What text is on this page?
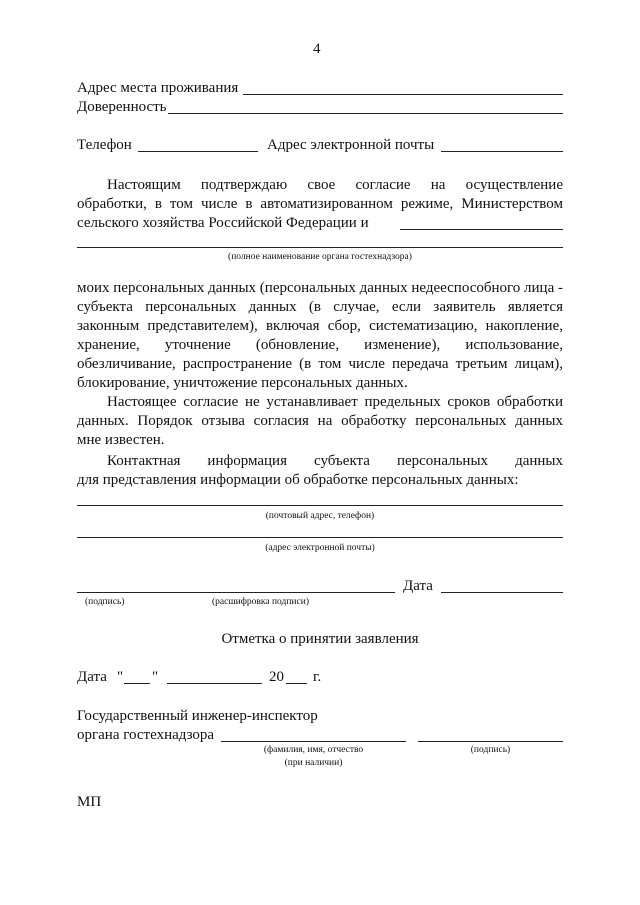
4
Адрес места проживания
Доверенность
Телефон	Адрес электронной почты
Настоящим подтверждаю свое согласие на осуществление
обработки, в том числе в автоматизированном режиме, Министерством
сельского хозяйства Российской Федерации и
(полное наименование органа гостехнадзора)
моих персональных данных (персональных данных недееспособного лица -
субъекта персональных данных (в случае, если заявитель является
законным представителем), включая сбор, систематизацию, накопление,
хранение, уточнение (обновление, изменение), использование,
обезличивание, распространение (в том числе передача третьим лицам),
блокирование, уничтожение персональных данных.
Настоящее согласие не устанавливает предельных сроков обработки
данных. Порядок отзыва согласия на обработку персональных данных
мне известен.
Контактная информация субъекта персональных данных
для представления информации об обработке персональных данных:
(почтовый адрес, телефон)
(адрес электронной почты)
Дата
(подпись)	(расшифровка подписи)
Отметка о принятии заявления
Дата " "	20 г.
Государственный инженер-инспектор
органа гостехнадзора
(фамилия, имя, отчество
(при наличии)
(подпись)
МП
